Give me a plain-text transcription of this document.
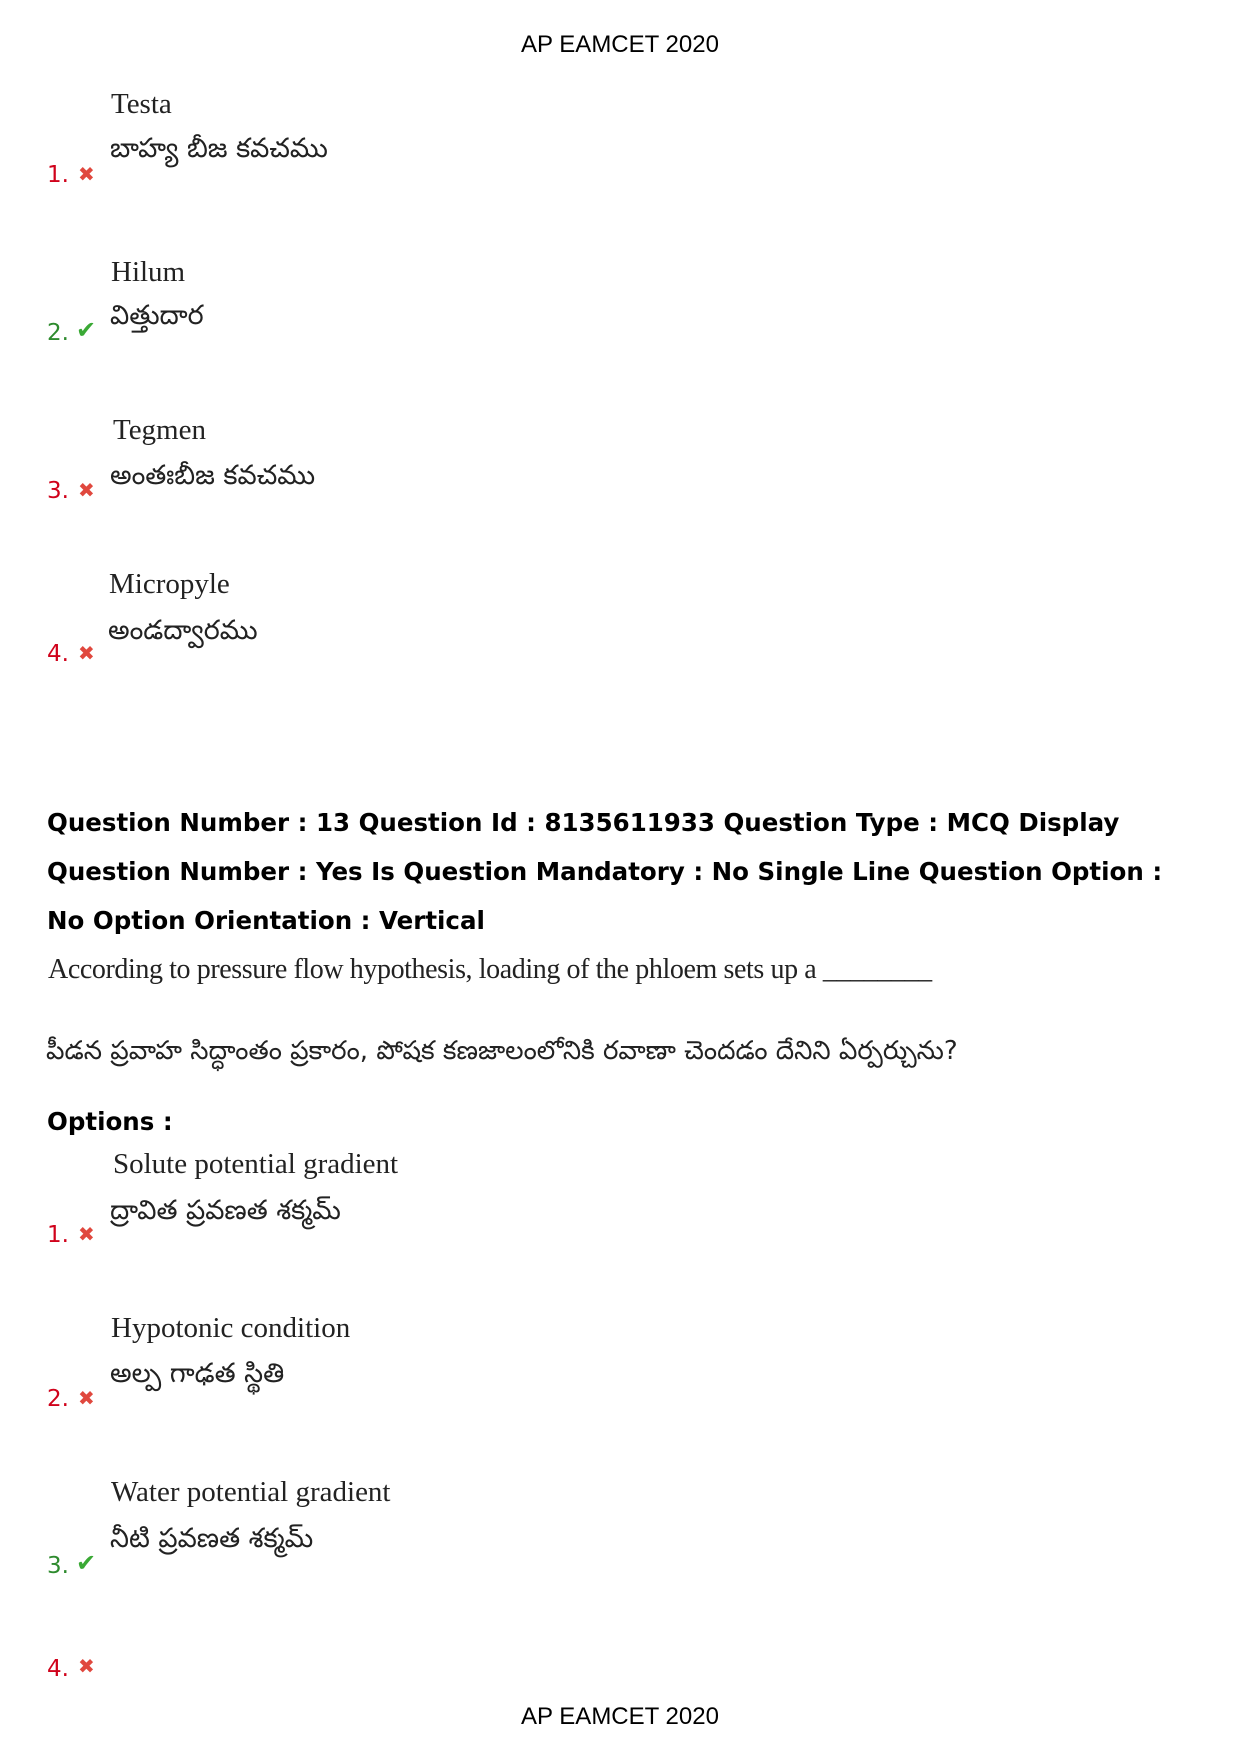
AP EAMCET 2020
Testa
బాహ్య బీజ కవచము
1. ✖
Hilum
విత్తుదార
2. ✔
Tegmen
అంతఃబీజ కవచము
3. ✖
Micropyle
అండద్వారము
4. ✖
Question Number : 13 Question Id : 8135611933 Question Type : MCQ Display Question Number : Yes Is Question Mandatory : No Single Line Question Option : No Option Orientation : Vertical
According to pressure flow hypothesis, loading of the phloem sets up a ________
పీడన ప్రవాహ సిద్ధాంతం ప్రకారం, పోషక కణజాలంలోనికి రవాణా చెందడం దేనిని ఏర్పర్చును?
Options :
Solute potential gradient
ద్రావిత ప్రవణత శక్మమ్
1. ✖
Hypotonic condition
అల్ప గాఢత స్థితి
2. ✖
Water potential gradient
నీటి ప్రవణత శక్మమ్
3. ✔
4. ✖
AP EAMCET 2020
